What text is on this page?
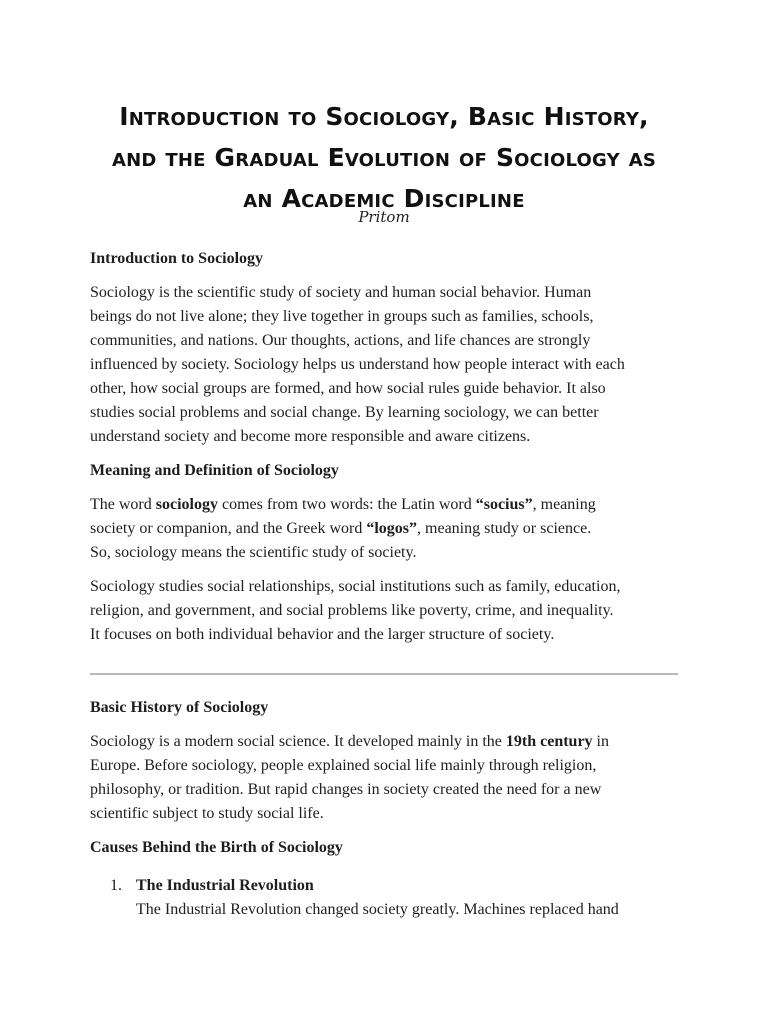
Introduction to Sociology, Basic History,
and the Gradual Evolution of Sociology as
an Academic Discipline
Pritom
Introduction to Sociology

Sociology is the scientific study of society and human social behavior. Human
beings do not live alone; they live together in groups such as families, schools,
communities, and nations. Our thoughts, actions, and life chances are strongly
influenced by society. Sociology helps us understand how people interact with each
other, how social groups are formed, and how social rules guide behavior. It also
studies social problems and social change. By learning sociology, we can better
understand society and become more responsible and aware citizens.

Meaning and Definition of Sociology

The word sociology comes from two words: the Latin word “socius”, meaning
society or companion, and the Greek word “logos”, meaning study or science.
So, sociology means the scientific study of society.

Sociology studies social relationships, social institutions such as family, education,
religion, and government, and social problems like poverty, crime, and inequality.
It focuses on both individual behavior and the larger structure of society.

Basic History of Sociology

Sociology is a modern social science. It developed mainly in the 19th century in
Europe. Before sociology, people explained social life mainly through religion,
philosophy, or tradition. But rapid changes in society created the need for a new
scientific subject to study social life.

Causes Behind the Birth of Sociology
1. The Industrial Revolution
The Industrial Revolution changed society greatly. Machines replaced hand
